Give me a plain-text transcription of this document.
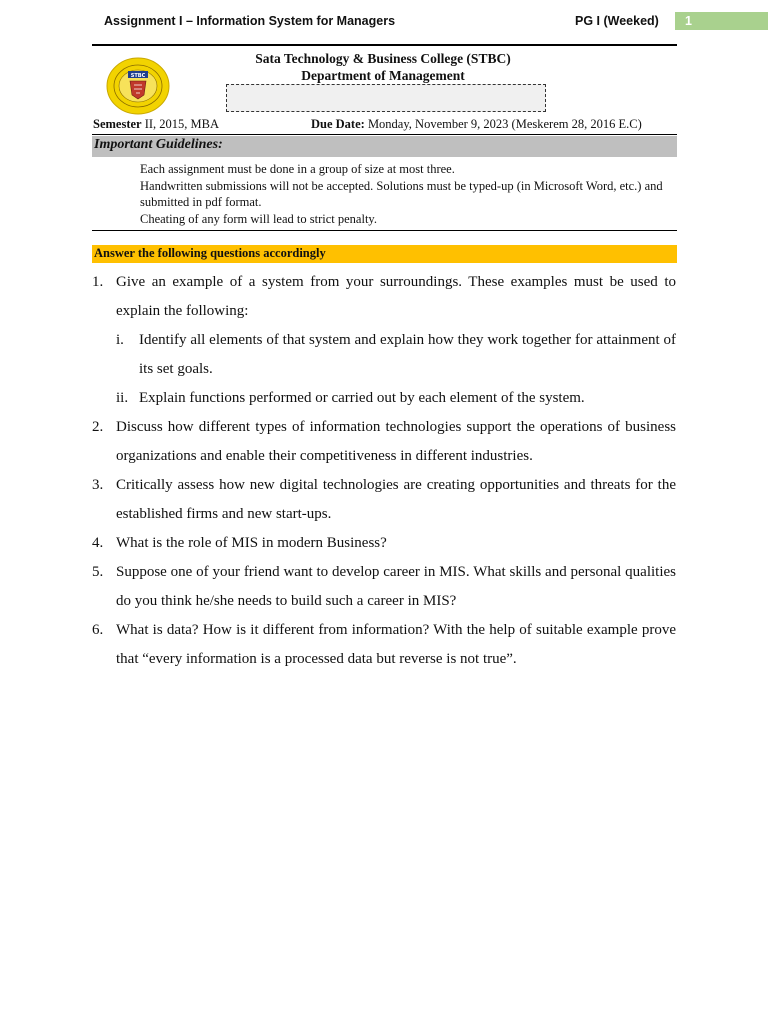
Assignment I – Information System for Managers	PG I (Weeked)	1
STBC
Sata Technology & Business College (STBC)
Department of Management
Semester II, 2015, MBA	Due Date: Monday, November 9, 2023 (Meskerem 28, 2016 E.C)
Important Guidelines:
Each assignment must be done in a group of size at most three.
Handwritten submissions will not be accepted. Solutions must be typed-up (in Microsoft Word, etc.) and submitted in pdf format.
Cheating of any form will lead to strict penalty.
Answer the following questions accordingly
1. Give an example of a system from your surroundings. These examples must be used to explain the following:
i. Identify all elements of that system and explain how they work together for attainment of its set goals.
ii. Explain functions performed or carried out by each element of the system.
2. Discuss how different types of information technologies support the operations of business organizations and enable their competitiveness in different industries.
3. Critically assess how new digital technologies are creating opportunities and threats for the established firms and new start-ups.
4. What is the role of MIS in modern Business?
5. Suppose one of your friend want to develop career in MIS. What skills and personal qualities do you think he/she needs to build such a career in MIS?
6. What is data? How is it different from information? With the help of suitable example prove that “every information is a processed data but reverse is not true”.
